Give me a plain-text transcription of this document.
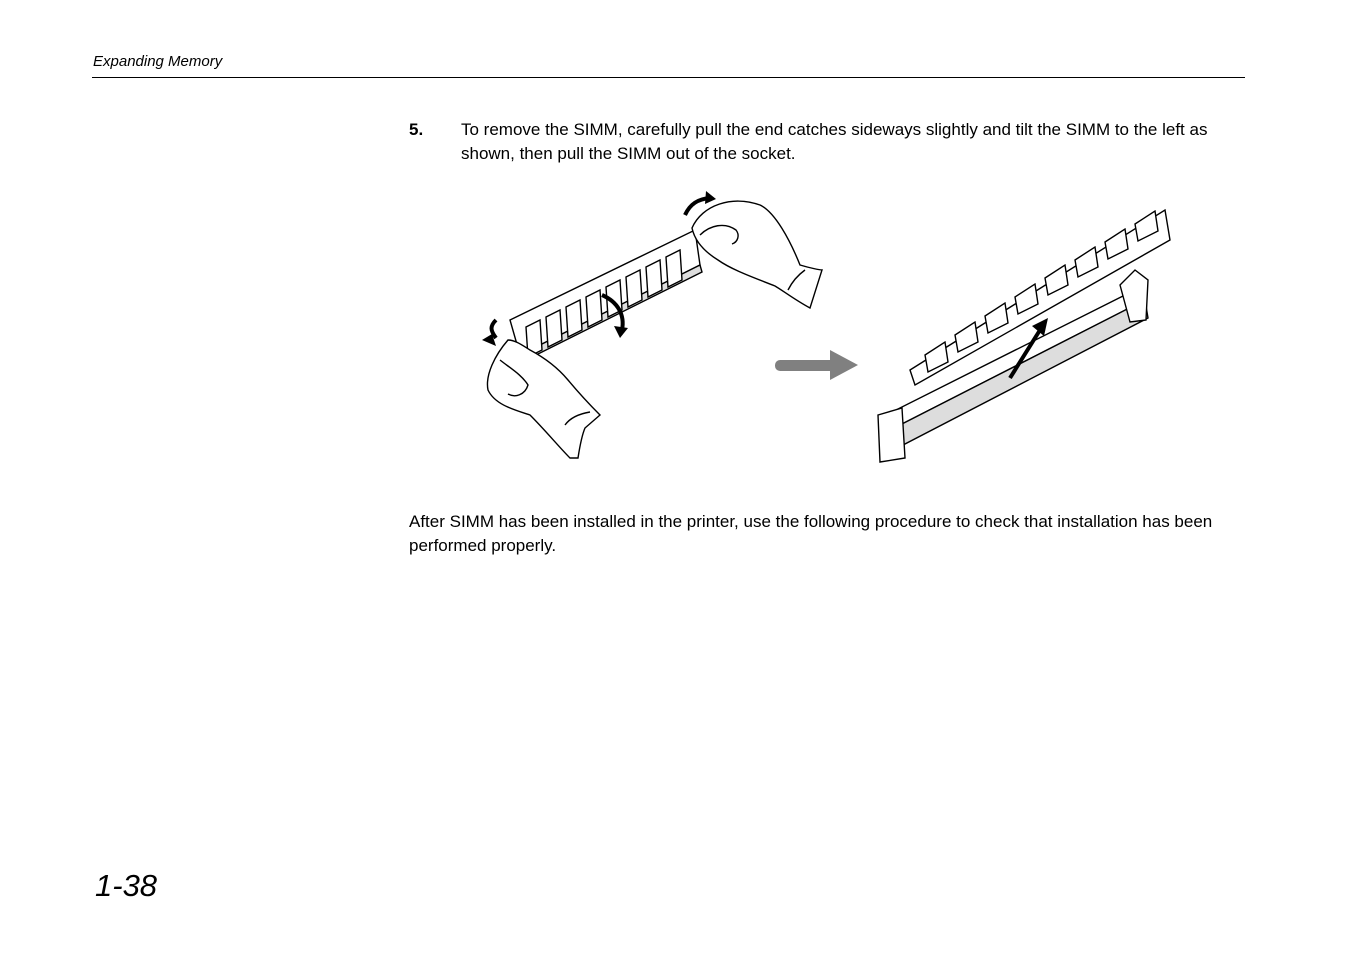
Expanding Memory
5. To remove the SIMM, carefully pull the end catches sideways slightly and tilt the SIMM to the left as shown, then pull the SIMM out of the socket.
After SIMM has been installed in the printer, use the following procedure to check that installation has been performed properly.
1-38
